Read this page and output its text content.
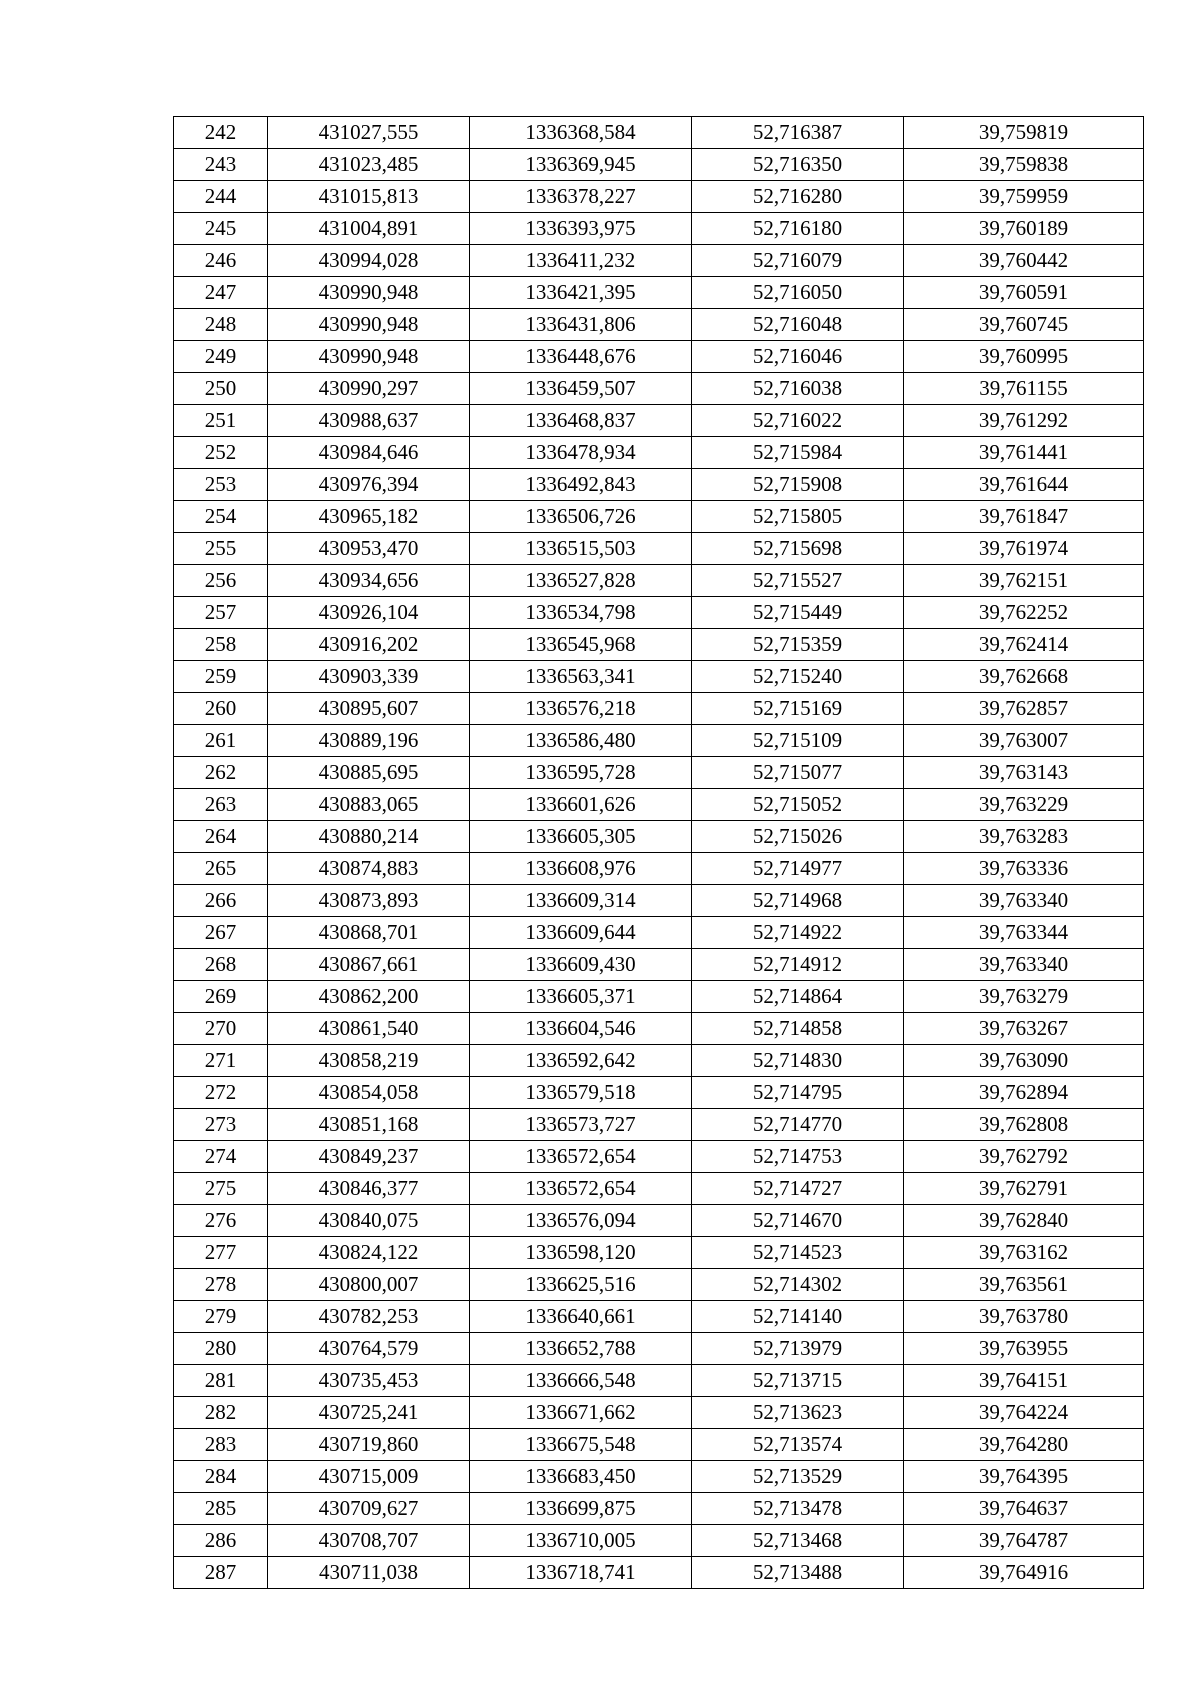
242	431027,555	1336368,584	52,716387	39,759819
243	431023,485	1336369,945	52,716350	39,759838
244	431015,813	1336378,227	52,716280	39,759959
245	431004,891	1336393,975	52,716180	39,760189
246	430994,028	1336411,232	52,716079	39,760442
247	430990,948	1336421,395	52,716050	39,760591
248	430990,948	1336431,806	52,716048	39,760745
249	430990,948	1336448,676	52,716046	39,760995
250	430990,297	1336459,507	52,716038	39,761155
251	430988,637	1336468,837	52,716022	39,761292
252	430984,646	1336478,934	52,715984	39,761441
253	430976,394	1336492,843	52,715908	39,761644
254	430965,182	1336506,726	52,715805	39,761847
255	430953,470	1336515,503	52,715698	39,761974
256	430934,656	1336527,828	52,715527	39,762151
257	430926,104	1336534,798	52,715449	39,762252
258	430916,202	1336545,968	52,715359	39,762414
259	430903,339	1336563,341	52,715240	39,762668
260	430895,607	1336576,218	52,715169	39,762857
261	430889,196	1336586,480	52,715109	39,763007
262	430885,695	1336595,728	52,715077	39,763143
263	430883,065	1336601,626	52,715052	39,763229
264	430880,214	1336605,305	52,715026	39,763283
265	430874,883	1336608,976	52,714977	39,763336
266	430873,893	1336609,314	52,714968	39,763340
267	430868,701	1336609,644	52,714922	39,763344
268	430867,661	1336609,430	52,714912	39,763340
269	430862,200	1336605,371	52,714864	39,763279
270	430861,540	1336604,546	52,714858	39,763267
271	430858,219	1336592,642	52,714830	39,763090
272	430854,058	1336579,518	52,714795	39,762894
273	430851,168	1336573,727	52,714770	39,762808
274	430849,237	1336572,654	52,714753	39,762792
275	430846,377	1336572,654	52,714727	39,762791
276	430840,075	1336576,094	52,714670	39,762840
277	430824,122	1336598,120	52,714523	39,763162
278	430800,007	1336625,516	52,714302	39,763561
279	430782,253	1336640,661	52,714140	39,763780
280	430764,579	1336652,788	52,713979	39,763955
281	430735,453	1336666,548	52,713715	39,764151
282	430725,241	1336671,662	52,713623	39,764224
283	430719,860	1336675,548	52,713574	39,764280
284	430715,009	1336683,450	52,713529	39,764395
285	430709,627	1336699,875	52,713478	39,764637
286	430708,707	1336710,005	52,713468	39,764787
287	430711,038	1336718,741	52,713488	39,764916
